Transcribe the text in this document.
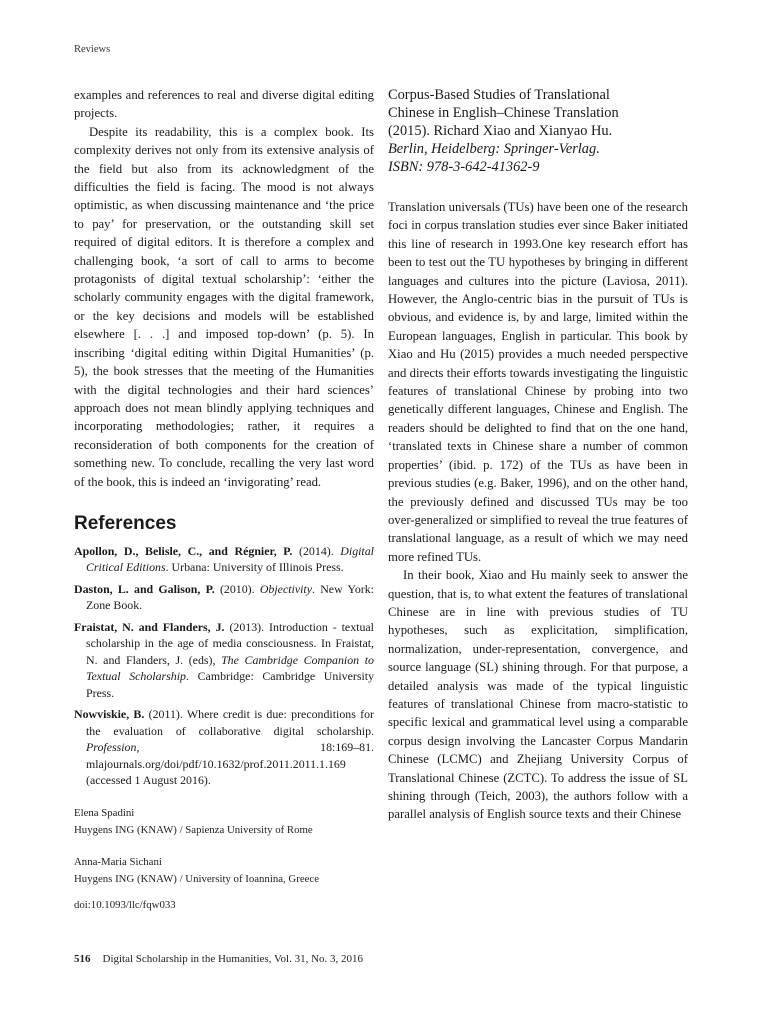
Reviews

examples and references to real and diverse digital editing projects.

Despite its readability, this is a complex book. Its complexity derives not only from its extensive analysis of the field but also from its acknowledgment of the difficulties the field is facing. The mood is not always optimistic, as when discussing maintenance and ‘the price to pay’ for preservation, or the outstanding skill set required of digital editors. It is therefore a complex and challenging book, ‘a sort of call to arms to become protagonists of digital textual scholarship’: ‘either the scholarly community engages with the digital framework, or the key decisions and models will be established elsewhere [. . .] and imposed top-down’ (p. 5). In inscribing ‘digital editing within Digital Humanities’ (p. 5), the book stresses that the meeting of the Humanities with the digital technologies and their hard sciences’ approach does not mean blindly applying techniques and incorporating methodologies; rather, it requires a reconsideration of both components for the creation of something new. To conclude, recalling the very last word of the book, this is indeed an ‘invigorating’ read.

References

Apollon, D., Belisle, C., and Régnier, P. (2014). Digital Critical Editions. Urbana: University of Illinois Press.

Daston, L. and Galison, P. (2010). Objectivity. New York: Zone Book.

Fraistat, N. and Flanders, J. (2013). Introduction - textual scholarship in the age of media consciousness. In Fraistat, N. and Flanders, J. (eds), The Cambridge Companion to Textual Scholarship. Cambridge: Cambridge University Press.

Nowviskie, B. (2011). Where credit is due: preconditions for the evaluation of collaborative digital scholarship. Profession, 18:169–81. mlajournals.org/doi/pdf/10.1632/prof.2011.2011.1.169 (accessed 1 August 2016).

Elena Spadini
Huygens ING (KNAW) / Sapienza University of Rome
Anna-Maria Sichani
Huygens ING (KNAW) / University of Ioannina, Greece
doi:10.1093/llc/fqw033
Corpus-Based Studies of Translational
Chinese in English–Chinese Translation
(2015). Richard Xiao and Xianyao Hu.
Berlin, Heidelberg: Springer-Verlag.
ISBN: 978-3-642-41362-9

Translation universals (TUs) have been one of the research foci in corpus translation studies ever since Baker initiated this line of research in 1993.One key research effort has been to test out the TU hypotheses by bringing in different languages and cultures into the picture (Laviosa, 2011). However, the Anglo-centric bias in the pursuit of TUs is obvious, and evidence is, by and large, limited within the European languages, English in particular. This book by Xiao and Hu (2015) provides a much needed perspective and directs their efforts towards investigating the linguistic features of translational Chinese by probing into two genetically different languages, Chinese and English. The readers should be delighted to find that on the one hand, ‘translated texts in Chinese share a number of common properties’ (ibid. p. 172) of the TUs as have been in previous studies (e.g. Baker, 1996), and on the other hand, the previously defined and discussed TUs may be too over-generalized or simplified to reveal the true features of translational language, as a result of which we may need more refined TUs.

In their book, Xiao and Hu mainly seek to answer the question, that is, to what extent the features of translational Chinese are in line with previous studies of TU hypotheses, such as explicitation, simplification, normalization, under-representation, convergence, and source language (SL) shining through. For that purpose, a detailed analysis was made of the typical linguistic features of translational Chinese from macro-statistic to specific lexical and grammatical level using a comparable corpus design involving the Lancaster Corpus Mandarin Chinese (LCMC) and Zhejiang University Corpus of Translational Chinese (ZCTC). To address the issue of SL shining through (Teich, 2003), the authors follow with a parallel analysis of English source texts and their Chinese

516 Digital Scholarship in the Humanities, Vol. 31, No. 3, 2016
